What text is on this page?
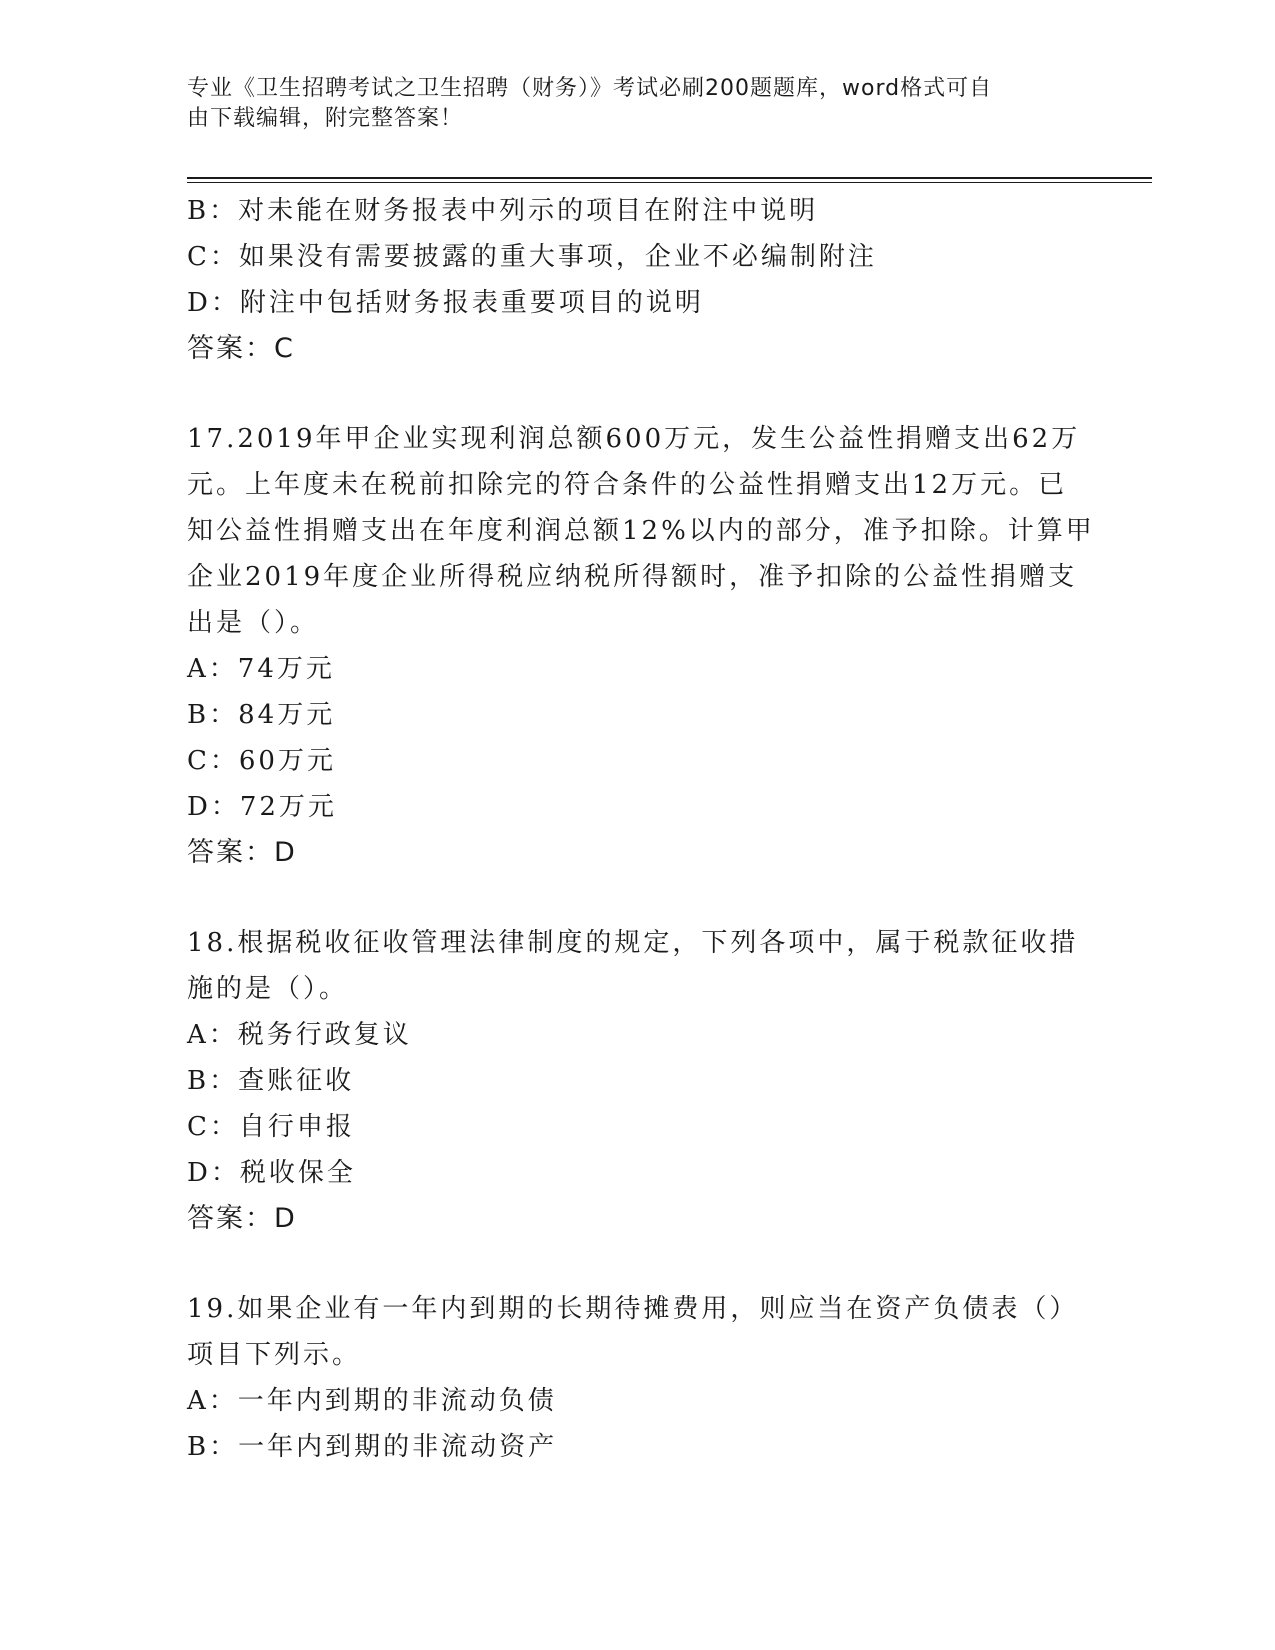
专业《卫生招聘考试之卫生招聘（财务）》考试必刷200题题库，word格式可自
由下载编辑，附完整答案！
B：对未能在财务报表中列示的项目在附注中说明
C：如果没有需要披露的重大事项，企业不必编制附注
D：附注中包括财务报表重要项目的说明
答案：C
17.2019年甲企业实现利润总额600万元，发生公益性捐赠支出62万
元。上年度未在税前扣除完的符合条件的公益性捐赠支出12万元。已
知公益性捐赠支出在年度利润总额12%以内的部分，准予扣除。计算甲
企业2019年度企业所得税应纳税所得额时，准予扣除的公益性捐赠支
出是（）。
A：74万元
B：84万元
C：60万元
D：72万元
答案：D
18.根据税收征收管理法律制度的规定，下列各项中，属于税款征收措
施的是（）。
A：税务行政复议
B：查账征收
C：自行申报
D：税收保全
答案：D
19.如果企业有一年内到期的长期待摊费用，则应当在资产负债表（）
项目下列示。
A：一年内到期的非流动负债
B：一年内到期的非流动资产
